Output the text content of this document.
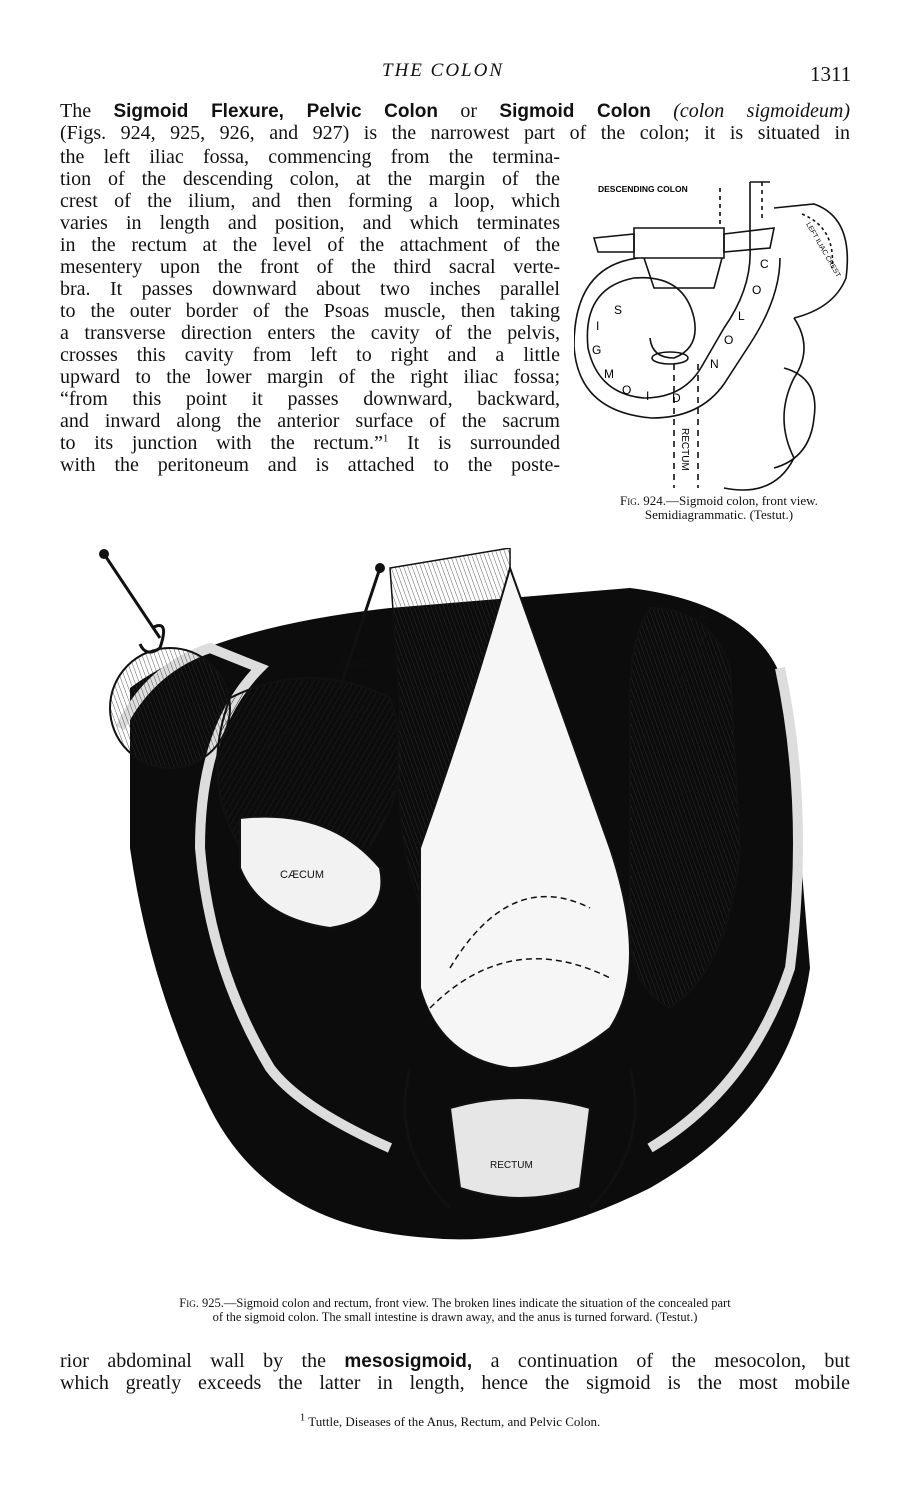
THE COLON	1311
The Sigmoid Flexure, Pelvic Colon or Sigmoid Colon (colon sigmoideum)
(Figs. 924, 925, 926, and 927) is the narrowest part of the colon; it is situated in
the left iliac fossa, commencing from the termina-
tion of the descending colon, at the margin of the
crest of the ilium, and then forming a loop, which
varies in length and position, and which terminates
in the rectum at the level of the attachment of the
mesentery upon the front of the third sacral verte-
bra. It passes downward about two inches parallel
to the outer border of the Psoas muscle, then taking
a transverse direction enters the cavity of the pelvis,
crosses this cavity from left to right and a little
upward to the lower margin of the right iliac fossa;
“from this point it passes downward, backward,
and inward along the anterior surface of the sacrum
to its junction with the rectum.”$^1$ It is surrounded
with the peritoneum and is attached to the poste-
DESCENDING COLON
LEFT ILIAC CREST
S
I
G
M
O I D
C
O
L
O
N
RECTUM
Fig. 924.—Sigmoid colon, front view.
Semidiagrammatic. (Testut.)
SENT
ALL IN
ESTI
CÆCUM
COLON
DESCEND
RECTUM
Fig. 925.—Sigmoid colon and rectum, front view. The broken lines indicate the situation of the concealed part
of the sigmoid colon. The small intestine is drawn away, and the anus is turned forward. (Testut.)
rior abdominal wall by the mesosigmoid, a continuation of the mesocolon, but
which greatly exceeds the latter in length, hence the sigmoid is the most mobile
$^1$ Tuttle, Diseases of the Anus, Rectum, and Pelvic Colon.
